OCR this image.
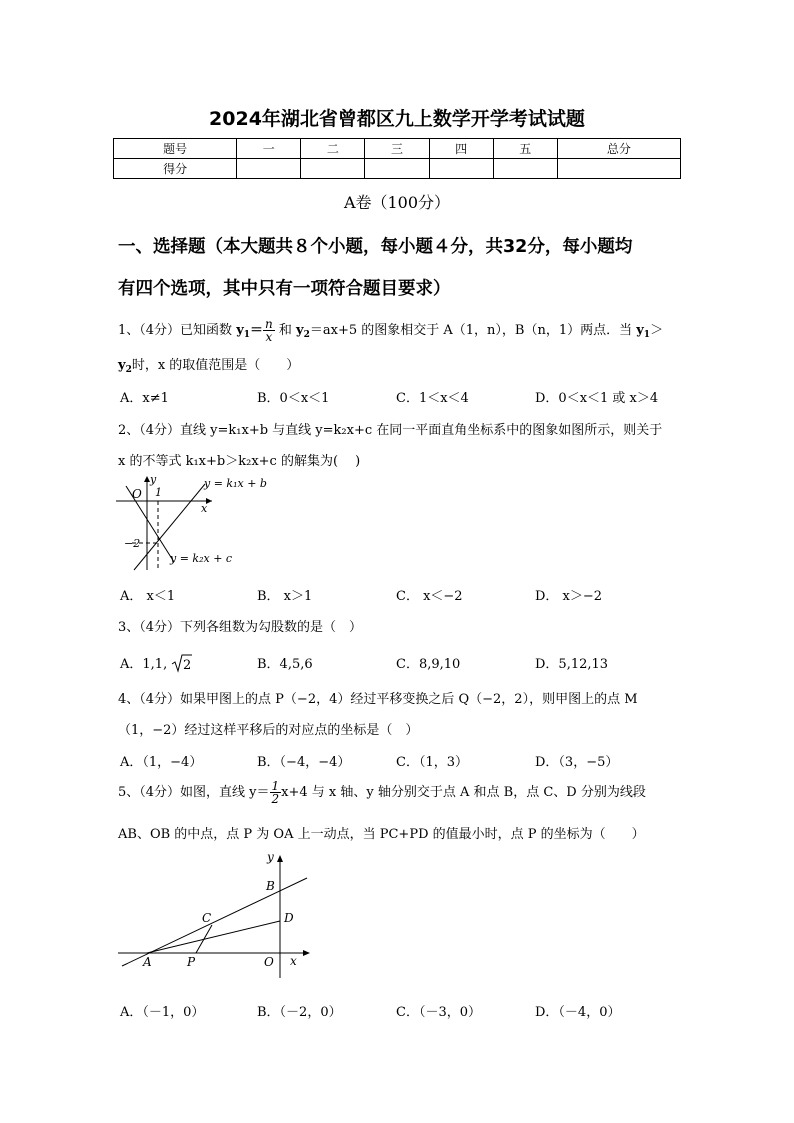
2024年湖北省曾都区九上数学开学考试试题
题号	一	二	三	四	五	总分
得分						
A卷（100分）
一、选择题（本大题共８个小题，每小题４分，共32分，每小题均
有四个选项，其中只有一项符合题目要求）
1、（4分）已知函数 $y_1= \frac{n}{x}$ 和 $y_2=ax+5$ 的图象相交于 A（1，n），B（n，1）两点．当 $y_1>$
$y_2$时，x 的取值范围是（　　）
A．x≠1	B．0＜x＜1	C．1＜x＜4	D．0＜x＜1 或 x＞4
2、（4分）直线 y=k₁x+b 与直线 y=k₂x+c 在同一平面直角坐标系中的图象如图所示，则关于
x 的不等式 k₁x+b＞k₂x+c 的解集为(　 )
O 1
y
x
−2
y = k₁x + b
y = k₂x + c
A． x＜1	B． x＞1	C． x＜−2	D． x＞−2
3、（4分）下列各组数为勾股数的是（　）
A．1,1, 2	B．4,5,6	C．8,9,10	D．5,12,13
4、（4分）如果甲图上的点 P（−2，4）经过平移变换之后 Q（−2，2），则甲图上的点 M
（1，−2）经过这样平移后的对应点的坐标是（　）
A．（1，−4）	B．（−4，−4）	C．（1，3）	D．（3，−5）
5、（4分）如图，直线 $y= \frac{1}{2} x+4$ 与 x 轴、y 轴分别交于点 A 和点 B，点 C、D 分别为线段
AB、OB 的中点，点 P 为 OA 上一动点，当 PC+PD 的值最小时，点 P 的坐标为（　　）
y
x
B
C	D
A	P	O
A．（－1，0）	B．（－2，0）	C．（－3，0）	D．（－4，0）
